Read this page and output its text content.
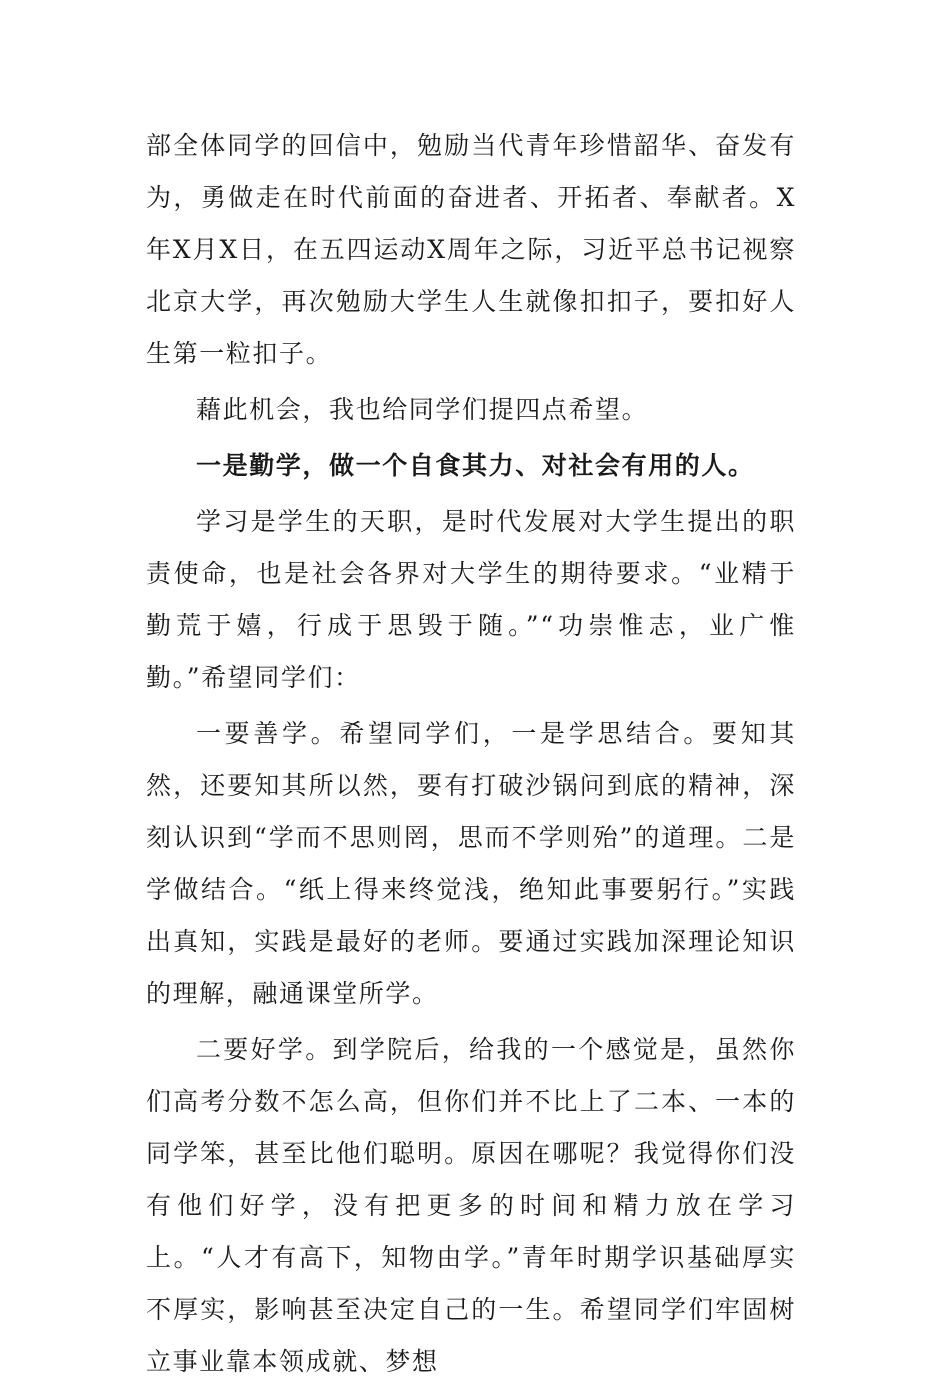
部全体同学的回信中，勉励当代青年珍惜韶华、奋发有为，勇做走在时代前面的奋进者、开拓者、奉献者。X年X月X日，在五四运动X周年之际，习近平总书记视察北京大学，再次勉励大学生人生就像扣扣子，要扣好人生第一粒扣子。

藉此机会，我也给同学们提四点希望。

一是勤学，做一个自食其力、对社会有用的人。

学习是学生的天职，是时代发展对大学生提出的职责使命，也是社会各界对大学生的期待要求。“业精于勤荒于嬉，行成于思毁于随。”“功崇惟志，业广惟勤。”希望同学们：

一要善学。希望同学们，一是学思结合。要知其然，还要知其所以然，要有打破沙锅问到底的精神，深刻认识到“学而不思则罔，思而不学则殆”的道理。二是学做结合。“纸上得来终觉浅，绝知此事要躬行。”实践出真知，实践是最好的老师。要通过实践加深理论知识的理解，融通课堂所学。

二要好学。到学院后，给我的一个感觉是，虽然你们高考分数不怎么高，但你们并不比上了二本、一本的同学笨，甚至比他们聪明。原因在哪呢？我觉得你们没有他们好学，没有把更多的时间和精力放在学习上。“人才有高下，知物由学。”青年时期学识基础厚实不厚实，影响甚至决定自己的一生。希望同学们牢固树立事业靠本领成就、梦想
